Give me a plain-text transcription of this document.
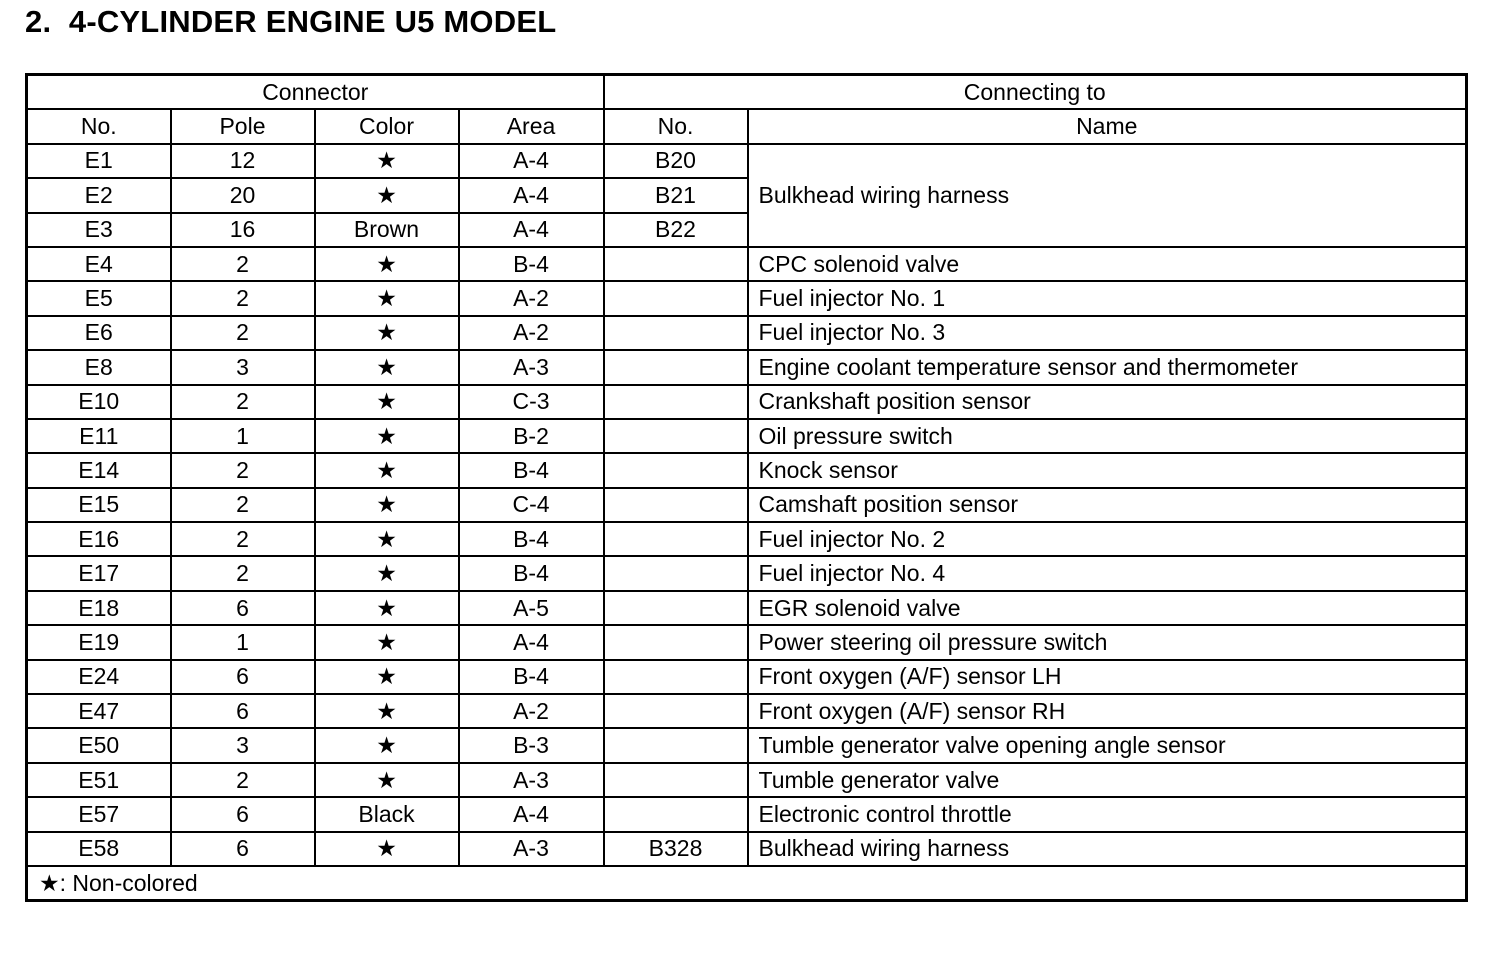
2.  4-CYLINDER ENGINE U5 MODEL
Connector				Connecting to	
No.	Pole	Color	Area	No.	Name
E1	12	★	A-4	B20	Bulkhead wiring harness
E2	20	★	A-4	B21	
E3	16	Brown	A-4	B22	
E4	2	★	B-4		CPC solenoid valve
E5	2	★	A-2		Fuel injector No. 1
E6	2	★	A-2		Fuel injector No. 3
E8	3	★	A-3		Engine coolant temperature sensor and thermometer
E10	2	★	C-3		Crankshaft position sensor
E11	1	★	B-2		Oil pressure switch
E14	2	★	B-4		Knock sensor
E15	2	★	C-4		Camshaft position sensor
E16	2	★	B-4		Fuel injector No. 2
E17	2	★	B-4		Fuel injector No. 4
E18	6	★	A-5		EGR solenoid valve
E19	1	★	A-4		Power steering oil pressure switch
E24	6	★	B-4		Front oxygen (A/F) sensor LH
E47	6	★	A-2		Front oxygen (A/F) sensor RH
E50	3	★	B-3		Tumble generator valve opening angle sensor
E51	2	★	A-3		Tumble generator valve
E57	6	Black	A-4		Electronic control throttle
E58	6	★	A-3	B328	Bulkhead wiring harness
★: Non-colored					
